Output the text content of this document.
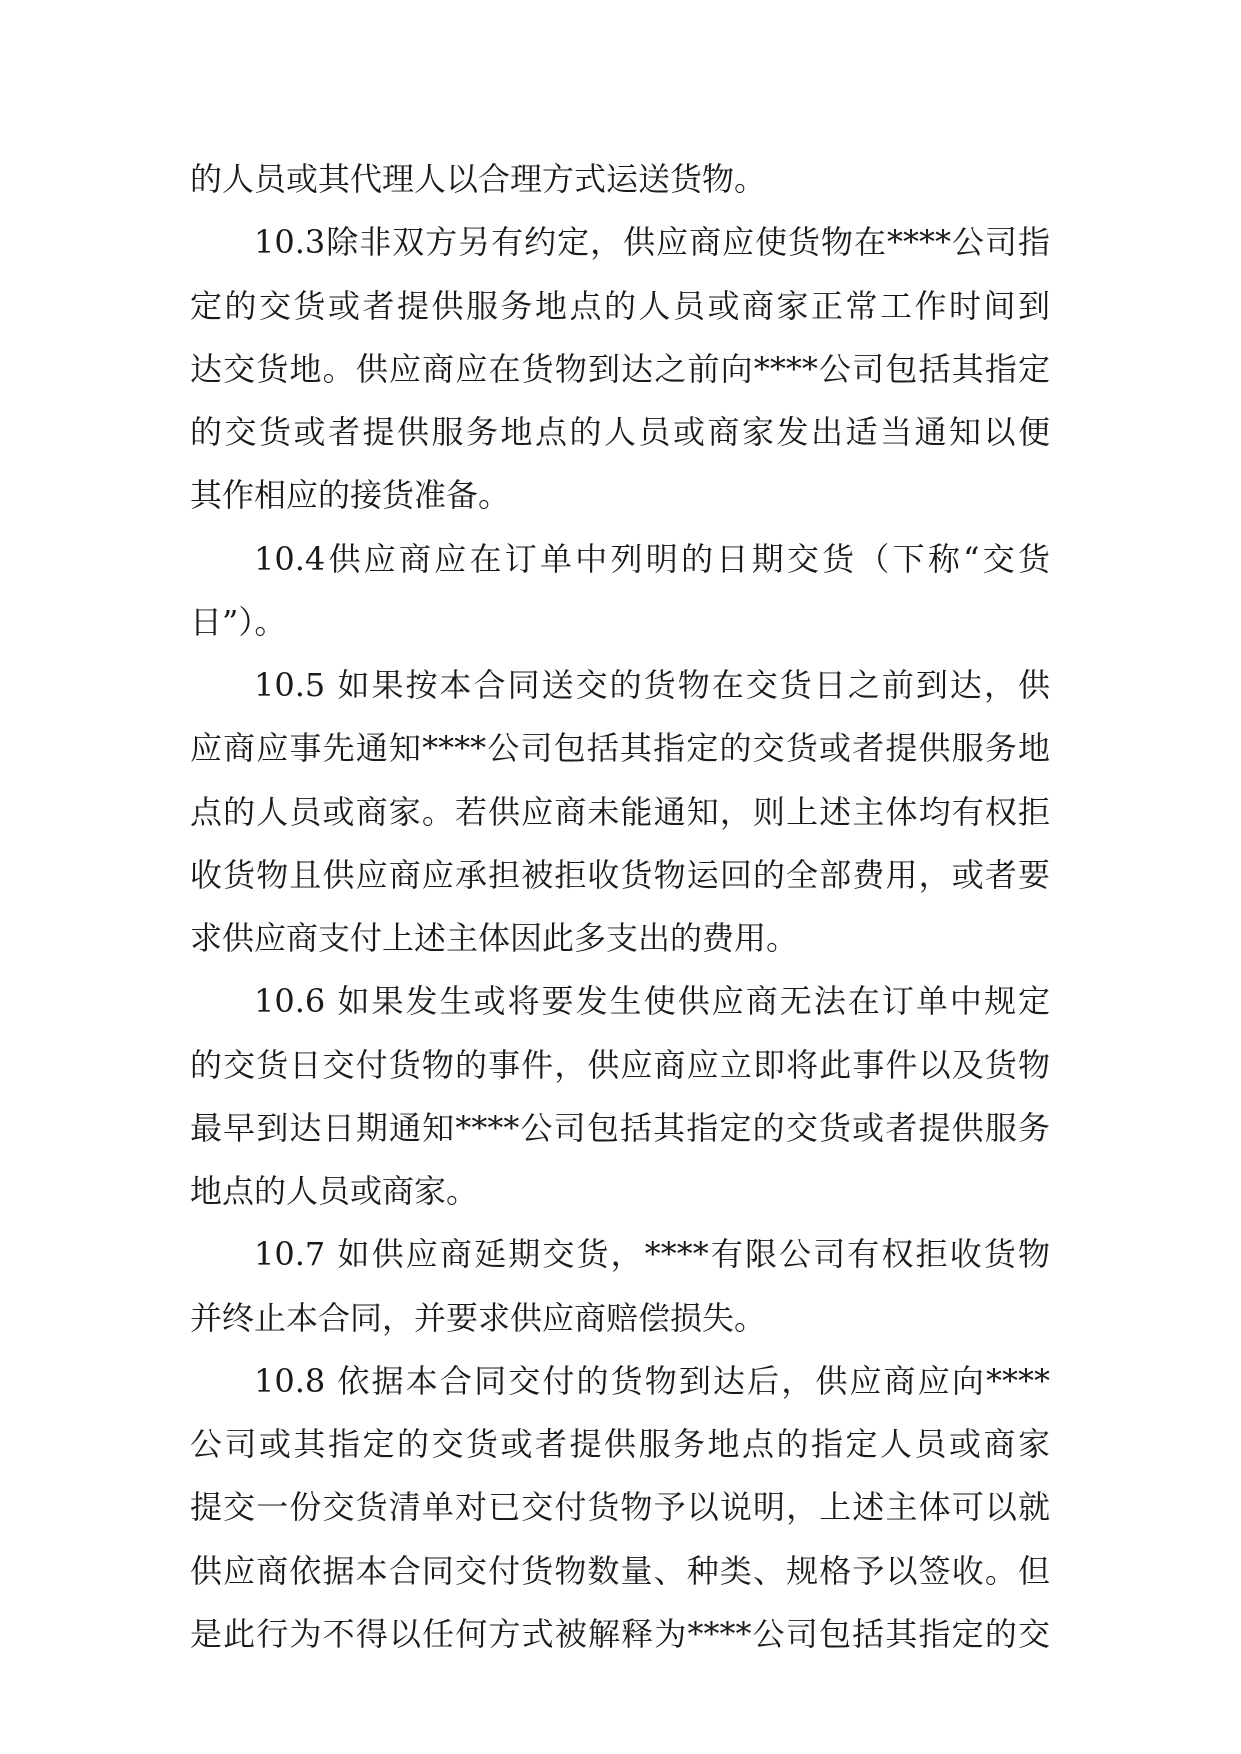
的人员或其代理人以合理方式运送货物。
10.3除非双方另有约定，供应商应使货物在****公司指
定的交货或者提供服务地点的人员或商家正常工作时间到
达交货地。供应商应在货物到达之前向****公司包括其指定
的交货或者提供服务地点的人员或商家发出适当通知以便
其作相应的接货准备。
10.4供应商应在订单中列明的日期交货（下称“交货
日”）。
10.5 如果按本合同送交的货物在交货日之前到达，供
应商应事先通知****公司包括其指定的交货或者提供服务地
点的人员或商家。若供应商未能通知，则上述主体均有权拒
收货物且供应商应承担被拒收货物运回的全部费用，或者要
求供应商支付上述主体因此多支出的费用。
10.6 如果发生或将要发生使供应商无法在订单中规定
的交货日交付货物的事件，供应商应立即将此事件以及货物
最早到达日期通知****公司包括其指定的交货或者提供服务
地点的人员或商家。
10.7 如供应商延期交货，****有限公司有权拒收货物
并终止本合同，并要求供应商赔偿损失。
10.8 依据本合同交付的货物到达后，供应商应向****
公司或其指定的交货或者提供服务地点的指定人员或商家
提交一份交货清单对已交付货物予以说明，上述主体可以就
供应商依据本合同交付货物数量、种类、规格予以签收。但
是此行为不得以任何方式被解释为****公司包括其指定的交
